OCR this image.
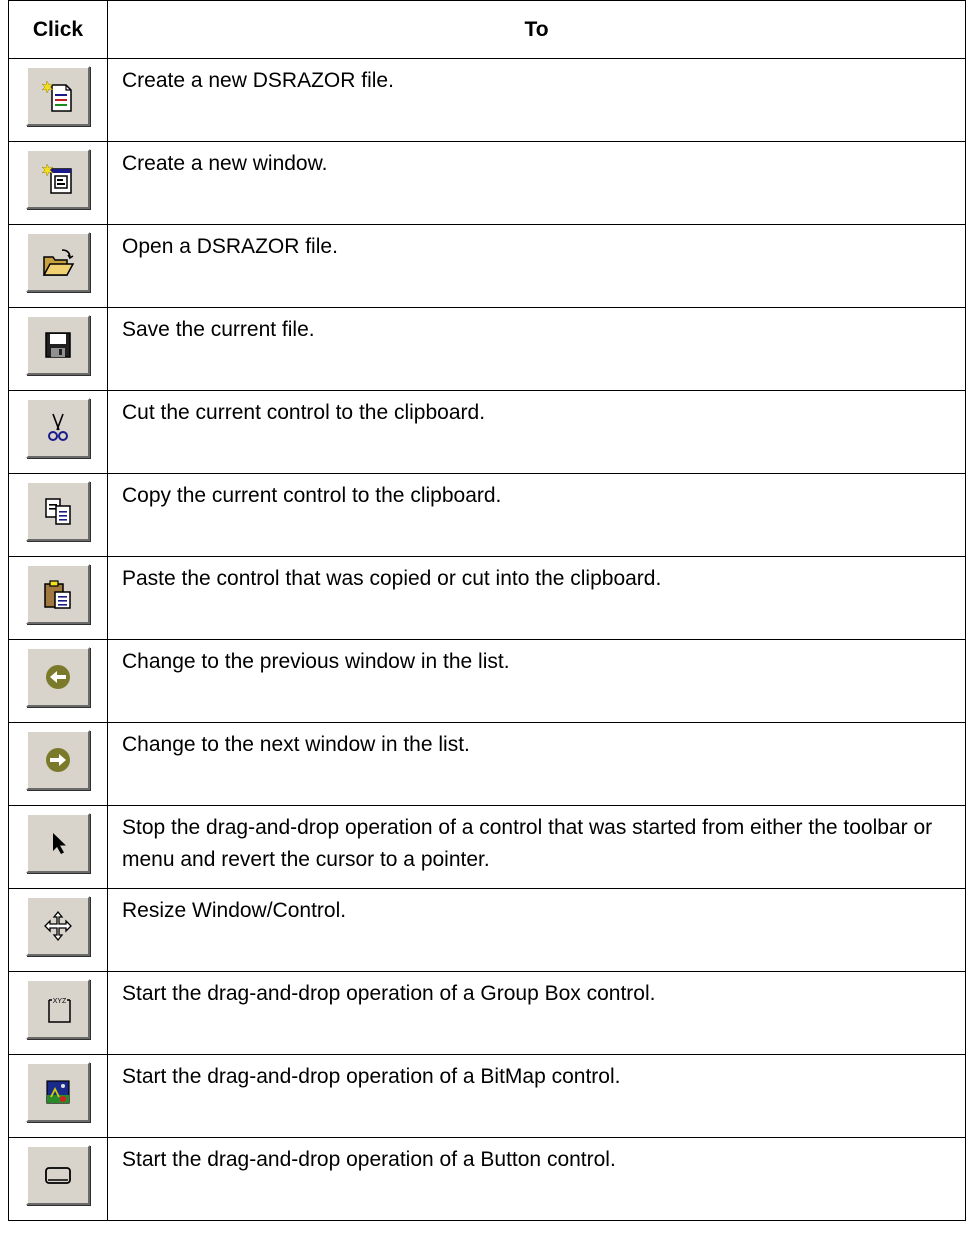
Click	To

	Create a new DSRAZOR file.

	Create a new window.

	Open a DSRAZOR file.

	Save the current file.

	Cut the current control to the clipboard.

	Copy the current control to the clipboard.

	Paste the control that was copied or cut into the clipboard.

	Change to the previous window in the list.

	Change to the next window in the list.

	Stop the drag-and-drop operation of a control that was started from either the toolbar or menu and revert the cursor to a pointer.

	Resize Window/Control.

XYZ	Start the drag-and-drop operation of a Group Box control.

	Start the drag-and-drop operation of a BitMap control.

	Start the drag-and-drop operation of a Button control.
